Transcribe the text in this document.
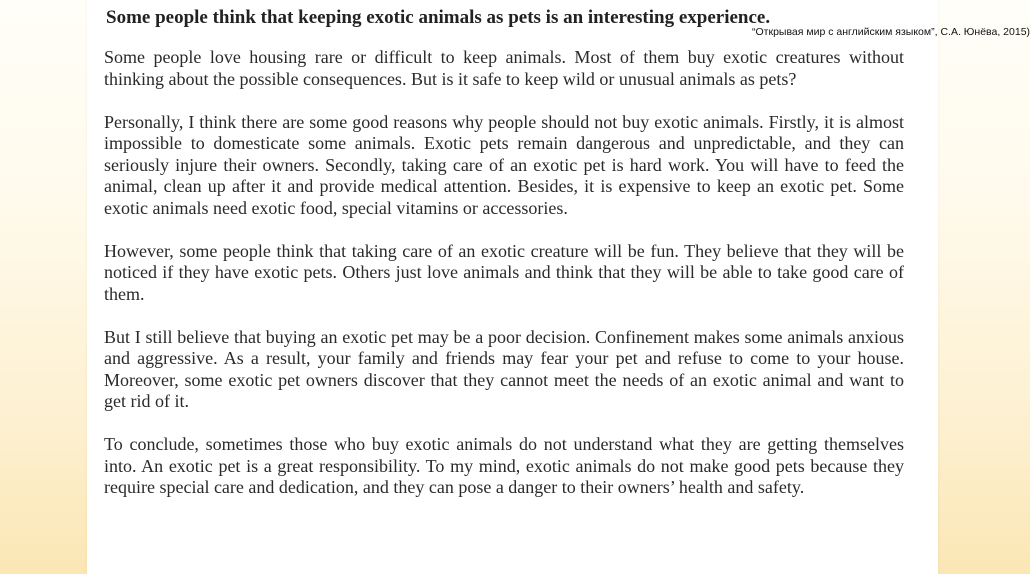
Some people think that keeping exotic animals as pets is an interesting experience.

“Открывая мир с английским языком”, С.А. Юнёва, 2015)

Some people love housing rare or difficult to keep animals. Most of them buy exotic creatures without thinking about the possible consequences. But is it safe to keep wild or unusual animals as pets?

Personally, I think there are some good reasons why people should not buy exotic animals. Firstly, it is almost impossible to domesticate some animals. Exotic pets remain dangerous and unpredictable, and they can seriously injure their owners. Secondly, taking care of an exotic pet is hard work. You will have to feed the animal, clean up after it and provide medical attention. Besides, it is expensive to keep an exotic pet. Some exotic animals need exotic food, special vitamins or accessories.

However, some people think that taking care of an exotic creature will be fun. They believe that they will be noticed if they have exotic pets. Others just love animals and think that they will be able to take good care of them.

But I still believe that buying an exotic pet may be a poor decision. Confinement makes some animals anxious and aggressive. As a result, your family and friends may fear your pet and refuse to come to your house. Moreover, some exotic pet owners discover that they cannot meet the needs of an exotic animal and want to get rid of it.

To conclude, sometimes those who buy exotic animals do not understand what they are getting themselves into. An exotic pet is a great responsibility. To my mind, exotic animals do not make good pets because they require special care and dedication, and they can pose a danger to their owners’ health and safety.
